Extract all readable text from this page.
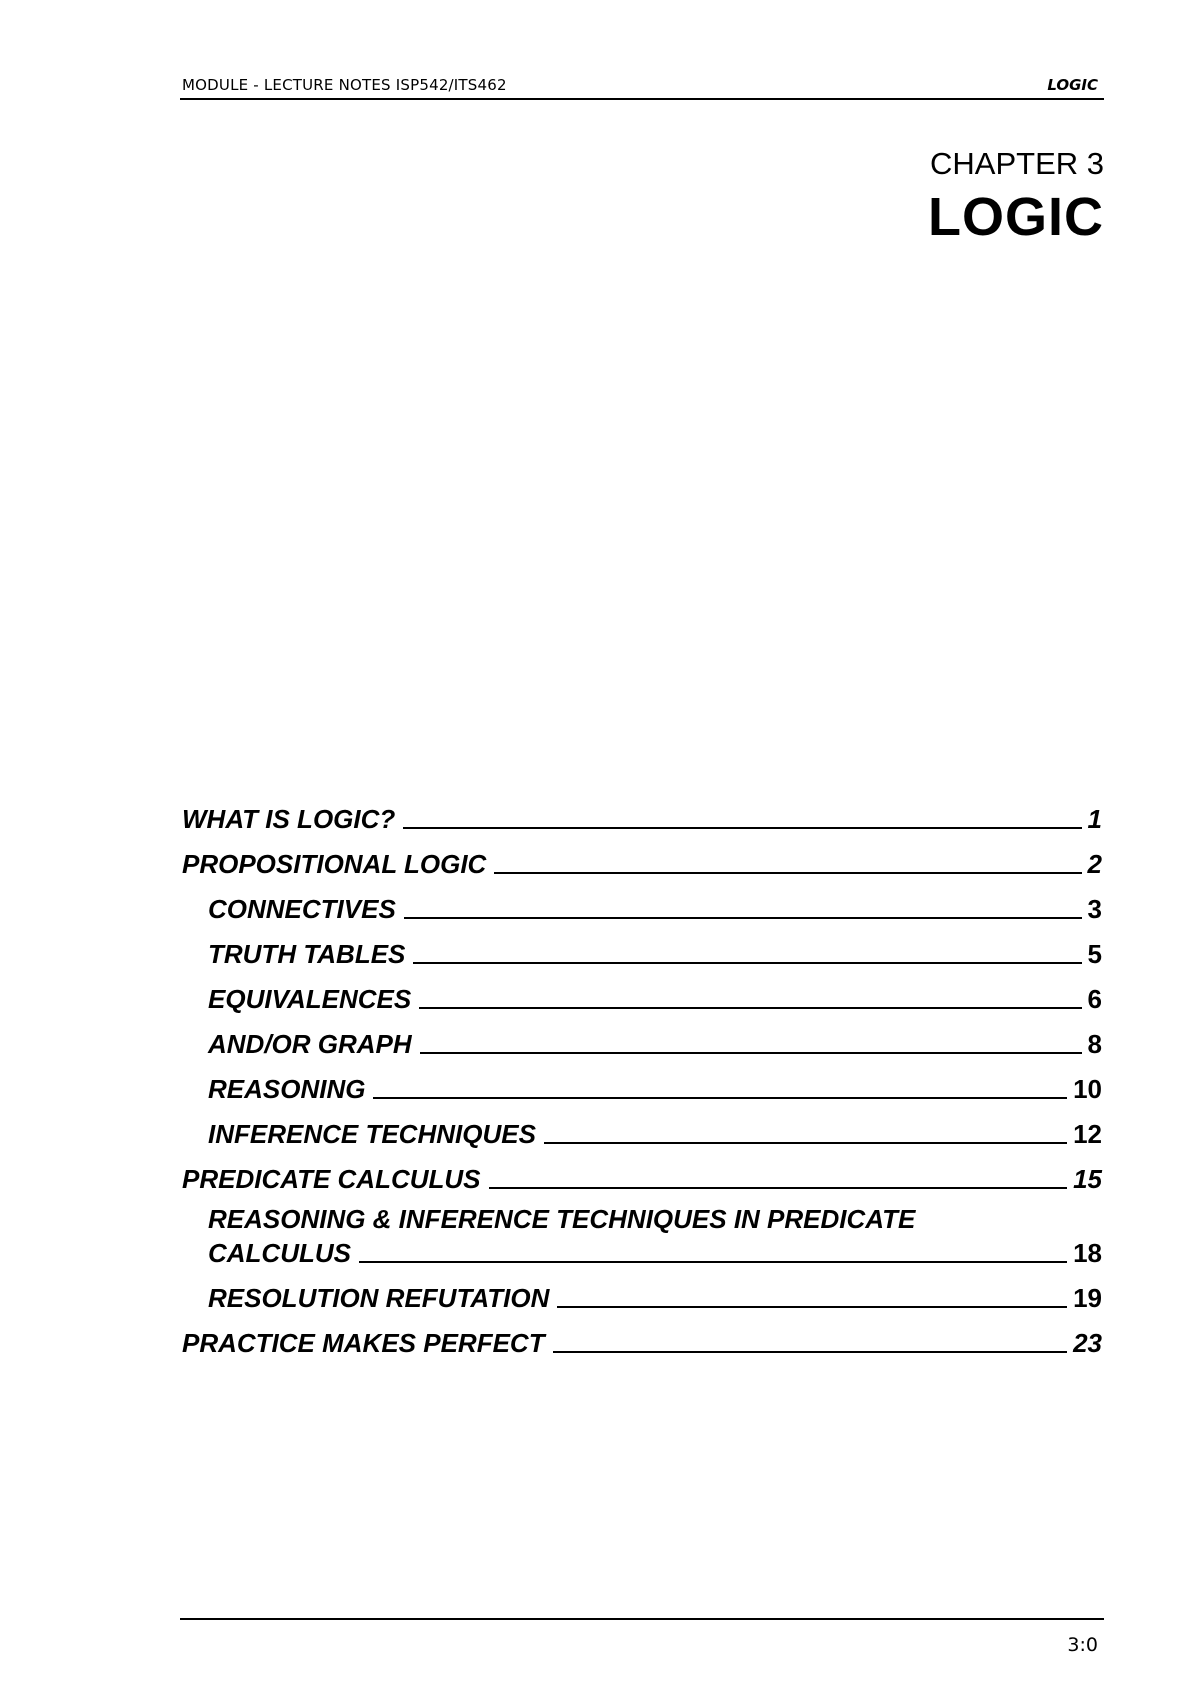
MODULE - LECTURE NOTES ISP542/ITS462	LOGIC
CHAPTER 3
LOGIC
WHAT IS LOGIC?	1
PROPOSITIONAL LOGIC	2
CONNECTIVES	3
TRUTH TABLES	5
EQUIVALENCES	6
AND/OR GRAPH	8
REASONING	10
INFERENCE TECHNIQUES	12
PREDICATE CALCULUS	15
REASONING & INFERENCE TECHNIQUES IN PREDICATE
CALCULUS	18
RESOLUTION REFUTATION	19
PRACTICE MAKES PERFECT	23
3:0
